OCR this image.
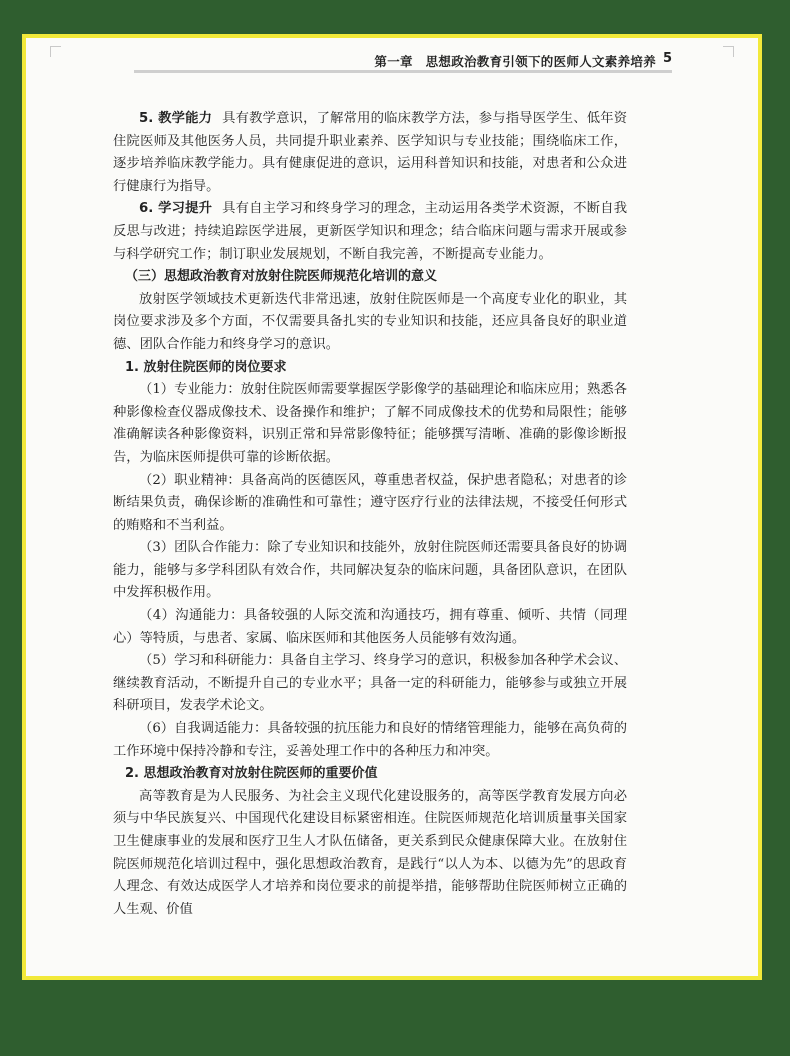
第一章　思想政治教育引领下的医师人文素养培养 5

5. 教学能力 具有教学意识，了解常用的临床教学方法，参与指导医学生、低年资住院医师及其他医务人员，共同提升职业素养、医学知识与专业技能；围绕临床工作，逐步培养临床教学能力。具有健康促进的意识，运用科普知识和技能，对患者和公众进行健康行为指导。

6. 学习提升 具有自主学习和终身学习的理念，主动运用各类学术资源，不断自我反思与改进；持续追踪医学进展，更新医学知识和理念；结合临床问题与需求开展或参与科学研究工作；制订职业发展规划，不断自我完善，不断提高专业能力。

（三）思想政治教育对放射住院医师规范化培训的意义

放射医学领域技术更新迭代非常迅速，放射住院医师是一个高度专业化的职业，其岗位要求涉及多个方面，不仅需要具备扎实的专业知识和技能，还应具备良好的职业道德、团队合作能力和终身学习的意识。

1. 放射住院医师的岗位要求

（1）专业能力：放射住院医师需要掌握医学影像学的基础理论和临床应用；熟悉各种影像检查仪器成像技术、设备操作和维护；了解不同成像技术的优势和局限性；能够准确解读各种影像资料，识别正常和异常影像特征；能够撰写清晰、准确的影像诊断报告，为临床医师提供可靠的诊断依据。

（2）职业精神：具备高尚的医德医风，尊重患者权益，保护患者隐私；对患者的诊断结果负责，确保诊断的准确性和可靠性；遵守医疗行业的法律法规，不接受任何形式的贿赂和不当利益。

（3）团队合作能力：除了专业知识和技能外，放射住院医师还需要具备良好的协调能力，能够与多学科团队有效合作，共同解决复杂的临床问题，具备团队意识，在团队中发挥积极作用。

（4）沟通能力：具备较强的人际交流和沟通技巧，拥有尊重、倾听、共情（同理心）等特质，与患者、家属、临床医师和其他医务人员能够有效沟通。

（5）学习和科研能力：具备自主学习、终身学习的意识，积极参加各种学术会议、继续教育活动，不断提升自己的专业水平；具备一定的科研能力，能够参与或独立开展科研项目，发表学术论文。

（6）自我调适能力：具备较强的抗压能力和良好的情绪管理能力，能够在高负荷的工作环境中保持冷静和专注，妥善处理工作中的各种压力和冲突。

2. 思想政治教育对放射住院医师的重要价值

高等教育是为人民服务、为社会主义现代化建设服务的，高等医学教育发展方向必须与中华民族复兴、中国现代化建设目标紧密相连。住院医师规范化培训质量事关国家卫生健康事业的发展和医疗卫生人才队伍储备，更关系到民众健康保障大业。在放射住院医师规范化培训过程中，强化思想政治教育，是践行“以人为本、以德为先”的思政育人理念、有效达成医学人才培养和岗位要求的前提举措，能够帮助住院医师树立正确的人生观、价值
